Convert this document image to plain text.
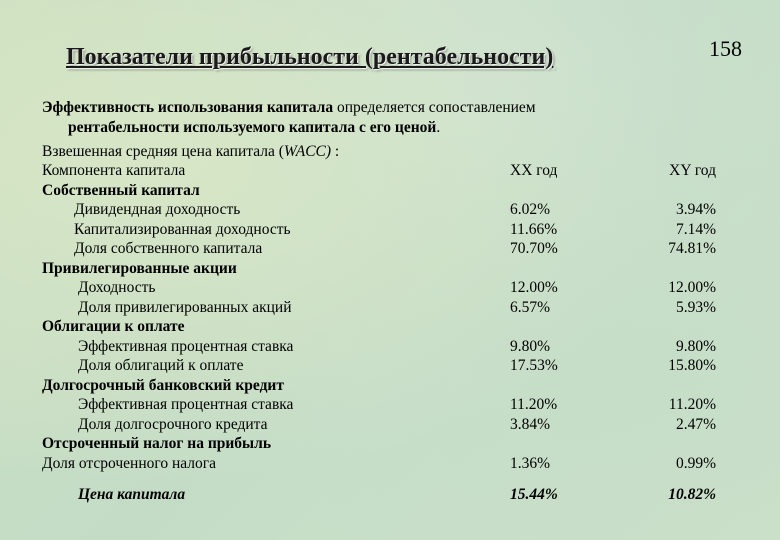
158
Показатели прибыльности (рентабельности)
Эффективность использования капитала определяется сопоставлением
рентабельности используемого капитала с его ценой.
Взвешенная средняя цена капитала (WACC) :
Компонента капитала	XX год	XY год
Собственный капитал		
Дивидендная доходность	6.02%	3.94%
Капитализированная доходность	11.66%	7.14%
Доля собственного капитала	70.70%	74.81%
Привилегированные акции		
Доходность	12.00%	12.00%
Доля привилегированных акций	6.57%	5.93%
Облигации к оплате		
Эффективная процентная ставка	9.80%	9.80%
Доля облигаций к оплате	17.53%	15.80%
Долгосрочный банковский кредит		
Эффективная процентная ставка	11.20%	11.20%
Доля долгосрочного кредита	3.84%	2.47%
Отсроченный налог на прибыль		
Доля отсроченного налога	1.36%	0.99%

Цена капитала	15.44%	10.82%
